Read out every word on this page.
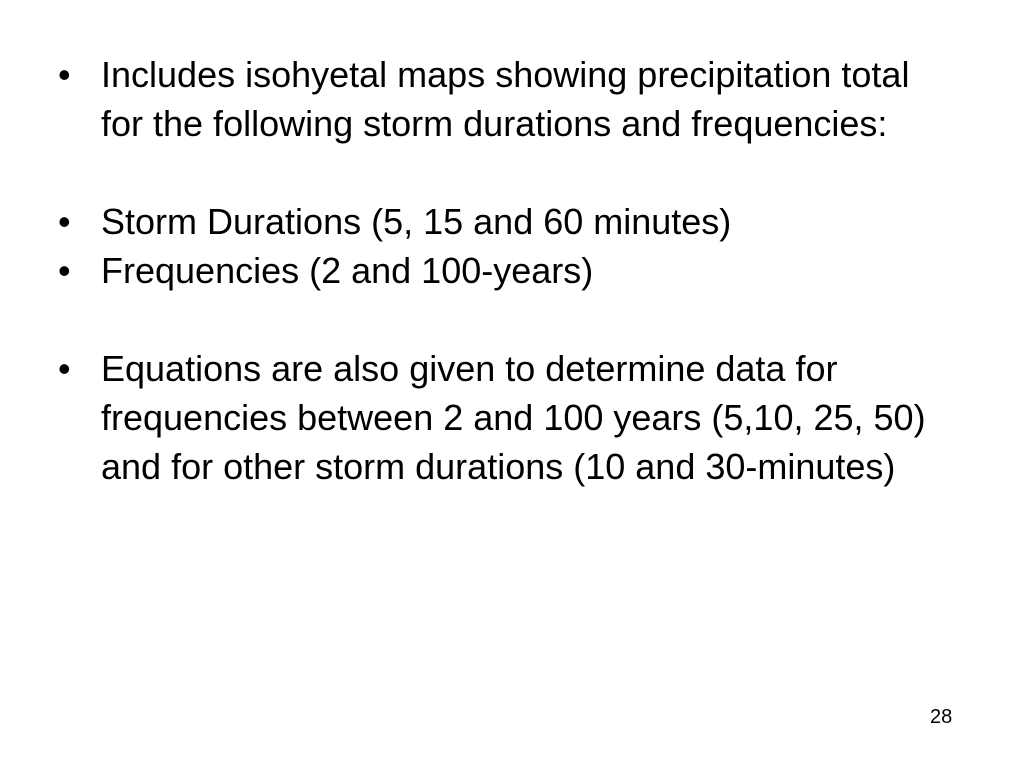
• Includes isohyetal maps showing precipitation total for the following storm durations and frequencies:
• Storm Durations (5, 15 and 60 minutes)
• Frequencies (2 and 100-years)
• Equations are also given to determine data for frequencies between 2 and 100 years (5,10, 25, 50) and for other storm durations (10 and 30-minutes)
28
